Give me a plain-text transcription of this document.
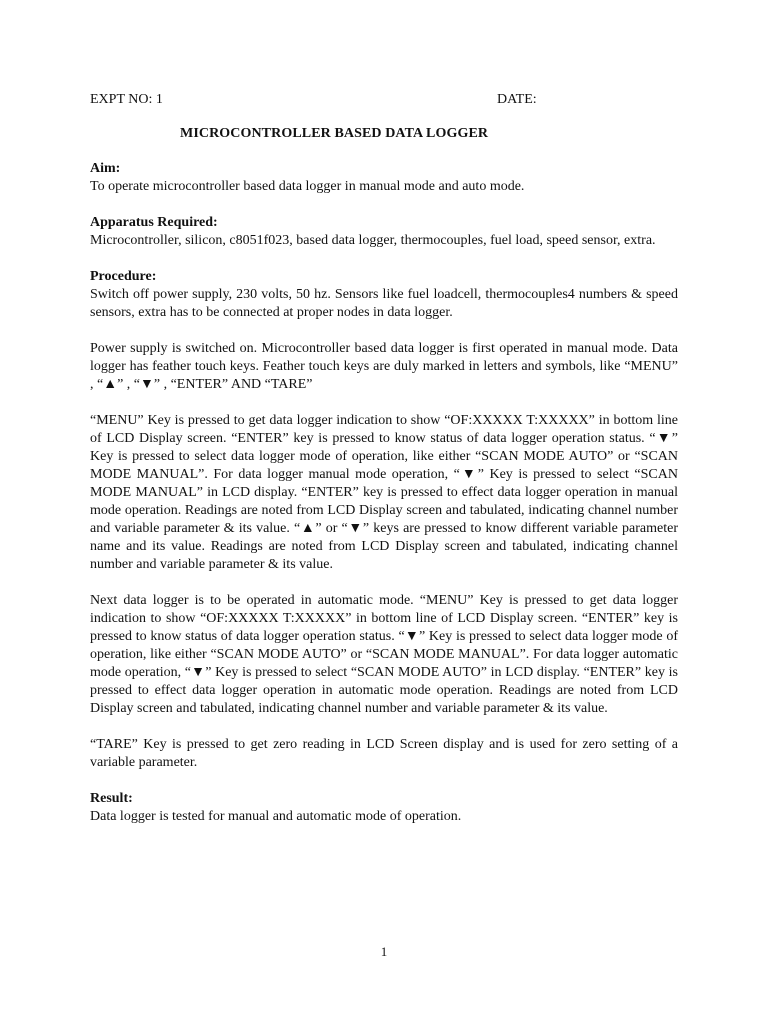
EXPT NO: 1	DATE:
MICROCONTROLLER BASED DATA LOGGER

Aim:

To operate microcontroller based data logger in manual mode and auto mode.

Apparatus Required:

Microcontroller, silicon, c8051f023, based data logger, thermocouples, fuel load, speed sensor, extra.

Procedure:

Switch off power supply, 230 volts, 50 hz. Sensors like fuel loadcell, thermocouples4 numbers & speed sensors, extra has to be connected at proper nodes in data logger.

Power supply is switched on. Microcontroller based data logger is first operated in manual mode. Data logger has feather touch keys. Feather touch keys are duly marked in letters and symbols, like “MENU” , “▲” , “▼” , “ENTER” AND “TARE”

“MENU” Key is pressed to get data logger indication to show “OF:XXXXX T:XXXXX” in bottom line of LCD Display screen. “ENTER” key is pressed to know status of data logger operation status. “▼” Key is pressed to select data logger mode of operation, like either “SCAN MODE AUTO” or “SCAN MODE MANUAL”. For data logger manual mode operation, “▼” Key is pressed to select “SCAN MODE MANUAL” in LCD display. “ENTER” key is pressed to effect data logger operation in manual mode operation. Readings are noted from LCD Display screen and tabulated, indicating channel number and variable parameter & its value. “▲” or “▼” keys are pressed to know different variable parameter name and its value. Readings are noted from LCD Display screen and tabulated, indicating channel number and variable parameter & its value.

Next data logger is to be operated in automatic mode. “MENU” Key is pressed to get data logger indication to show “OF:XXXXX T:XXXXX” in bottom line of LCD Display screen. “ENTER” key is pressed to know status of data logger operation status. “▼” Key is pressed to select data logger mode of operation, like either “SCAN MODE AUTO” or “SCAN MODE MANUAL”. For data logger automatic mode operation, “▼” Key is pressed to select “SCAN MODE AUTO” in LCD display. “ENTER” key is pressed to effect data logger operation in automatic mode operation. Readings are noted from LCD Display screen and tabulated, indicating channel number and variable parameter & its value.

“TARE” Key is pressed to get zero reading in LCD Screen display and is used for zero setting of a variable parameter.

Result:

Data logger is tested for manual and automatic mode of operation.

1
